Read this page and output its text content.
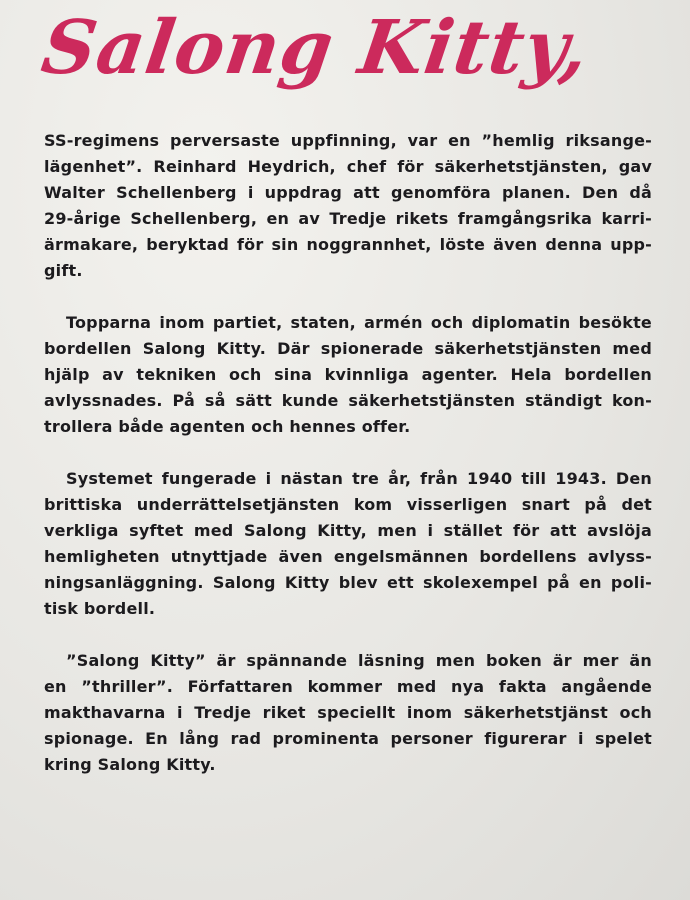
Salong Kitty,
SS-regimens perversaste uppfinning, var en ”hemlig riksange-
lägenhet”. Reinhard Heydrich, chef för säkerhetstjänsten, gav
Walter Schellenberg i uppdrag att genomföra planen. Den då
29-årige Schellenberg, en av Tredje rikets framgångsrika karri-
ärmakare, beryktad för sin noggrannhet, löste även denna upp-
gift.
Topparna inom partiet, staten, armén och diplomatin besökte
bordellen Salong Kitty. Där spionerade säkerhetstjänsten med
hjälp av tekniken och sina kvinnliga agenter. Hela bordellen
avlyssnades. På så sätt kunde säkerhetstjänsten ständigt kon-
trollera både agenten och hennes offer.
Systemet fungerade i nästan tre år, från 1940 till 1943. Den
brittiska underrättelsetjänsten kom visserligen snart på det
verkliga syftet med Salong Kitty, men i stället för att avslöja
hemligheten utnyttjade även engelsmännen bordellens avlyss-
ningsanläggning. Salong Kitty blev ett skolexempel på en poli-
tisk bordell.
”Salong Kitty” är spännande läsning men boken är mer än
en ”thriller”. Författaren kommer med nya fakta angående
makthavarna i Tredje riket speciellt inom säkerhetstjänst och
spionage. En lång rad prominenta personer figurerar i spelet
kring Salong Kitty.
